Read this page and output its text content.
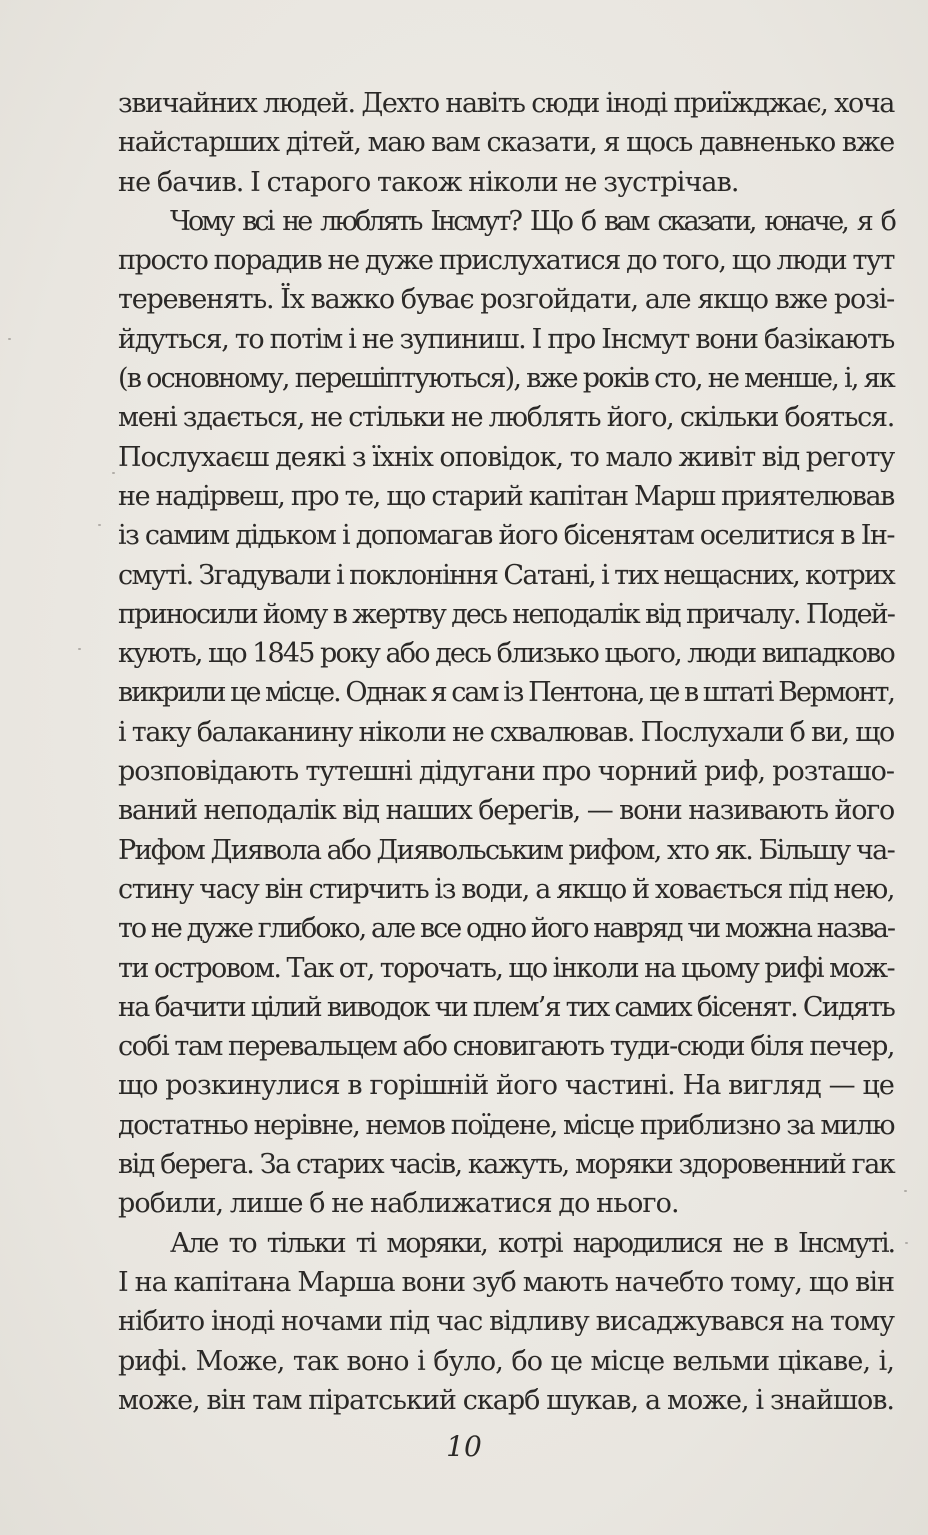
звичайних людей. Дехто навіть сюди іноді приїжджає, хоча
найстарших дітей, маю вам сказати, я щось давненько вже
не бачив. І старого також ніколи не зустрічав.
Чому всі не люблять Інсмут? Що б вам сказати, юначе, я б
просто порадив не дуже прислухатися до того, що люди тут
теревенять. Їх важко буває розгойдати, але якщо вже розі-
йдуться, то потім і не зупиниш. І про Інсмут вони базікають
(в основному, перешіптуються), вже років сто, не менше, і, як
мені здається, не стільки не люблять його, скільки бояться.
Послухаєш деякі з їхніх оповідок, то мало живіт від реготу
не надірвеш, про те, що старий капітан Марш приятелював
із самим дідьком і допомагав його бісенятам оселитися в Ін-
смуті. Згадували і поклоніння Сатані, і тих нещасних, котрих
приносили йому в жертву десь неподалік від причалу. Подей-
кують, що 1845 року або десь близько цього, люди випадково
викрили це місце. Однак я сам із Пентона, це в штаті Вермонт,
і таку балаканину ніколи не схвалював. Послухали б ви, що
розповідають тутешні дідугани про чорний риф, розташо-
ваний неподалік від наших берегів, — вони називають його
Рифом Диявола або Диявольським рифом, хто як. Більшу ча-
стину часу він стирчить із води, а якщо й ховається під нею,
то не дуже глибоко, але все одно його навряд чи можна назва-
ти островом. Так от, торочать, що інколи на цьому рифі мож-
на бачити цілий виводок чи плем’я тих самих бісенят. Сидять
собі там перевальцем або сновигають туди-сюди біля печер,
що розкинулися в горішній його частині. На вигляд — це
достатньо нерівне, немов поїдене, місце приблизно за милю
від берега. За старих часів, кажуть, моряки здоровенний гак
робили, лише б не наближатися до нього.
Але то тільки ті моряки, котрі народилися не в Інсмуті.
І на капітана Марша вони зуб мають начебто тому, що він
нібито іноді ночами під час відливу висаджувався на тому
рифі. Може, так воно і було, бо це місце вельми цікаве, і,
може, він там піратський скарб шукав, а може, і знайшов.
10
